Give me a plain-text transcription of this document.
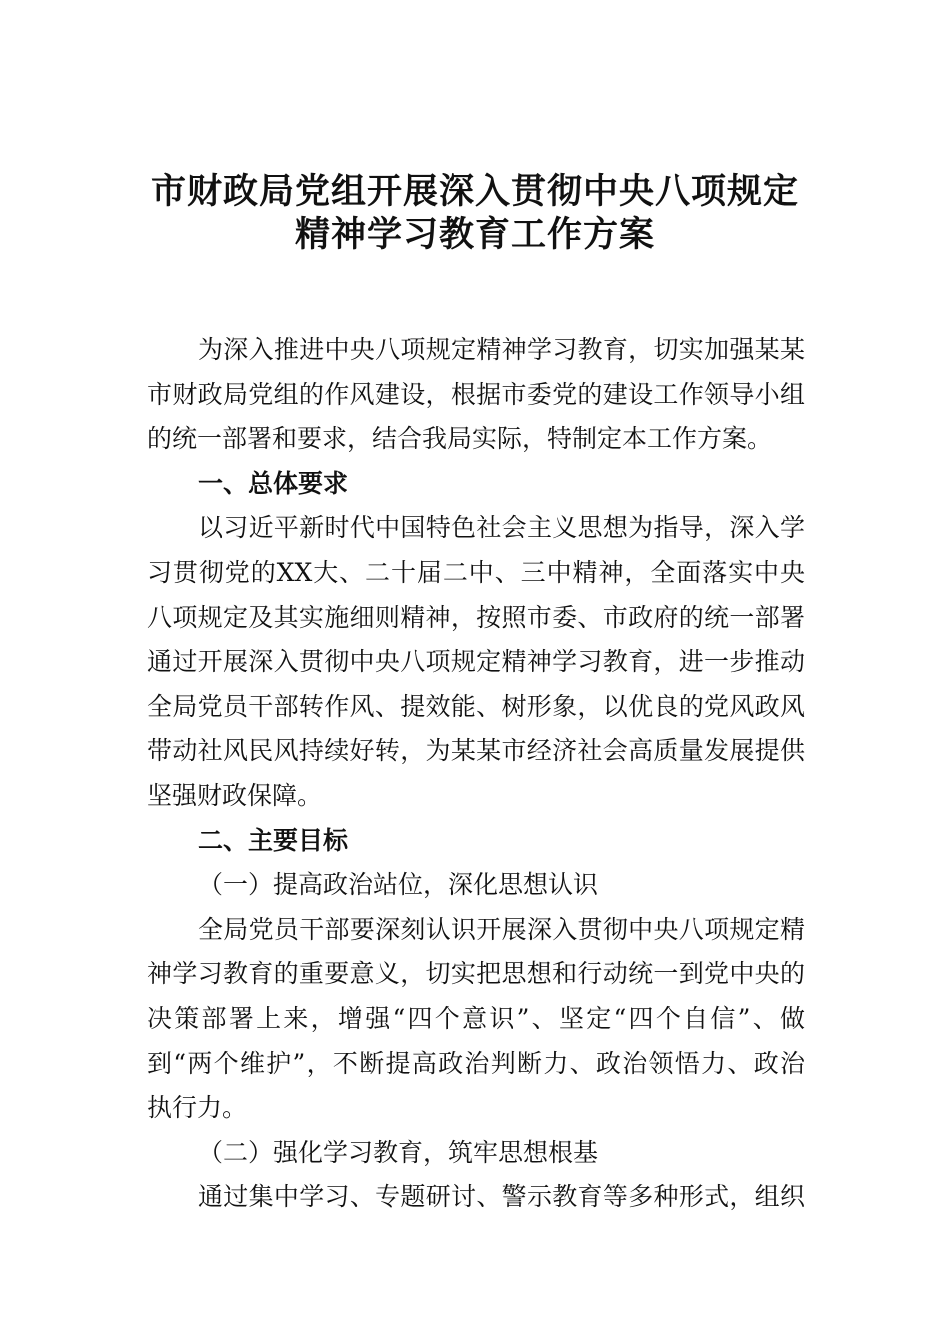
市财政局党组开展深入贯彻中央八项规定
精神学习教育工作方案
为深入推进中央八项规定精神学习教育，切实加强某某
市财政局党组的作风建设，根据市委党的建设工作领导小组
的统一部署和要求，结合我局实际，特制定本工作方案。
一、总体要求
以习近平新时代中国特色社会主义思想为指导，深入学
习贯彻党的XX大、二十届二中、三中精神，全面落实中央
八项规定及其实施细则精神，按照市委、市政府的统一部署
通过开展深入贯彻中央八项规定精神学习教育，进一步推动
全局党员干部转作风、提效能、树形象，以优良的党风政风
带动社风民风持续好转，为某某市经济社会高质量发展提供
坚强财政保障。
二、主要目标
（一）提高政治站位，深化思想认识
全局党员干部要深刻认识开展深入贯彻中央八项规定精
神学习教育的重要意义，切实把思想和行动统一到党中央的
决策部署上来，增强“四个意识”、坚定“四个自信”、做
到“两个维护”，不断提高政治判断力、政治领悟力、政治
执行力。
（二）强化学习教育，筑牢思想根基
通过集中学习、专题研讨、警示教育等多种形式，组织
